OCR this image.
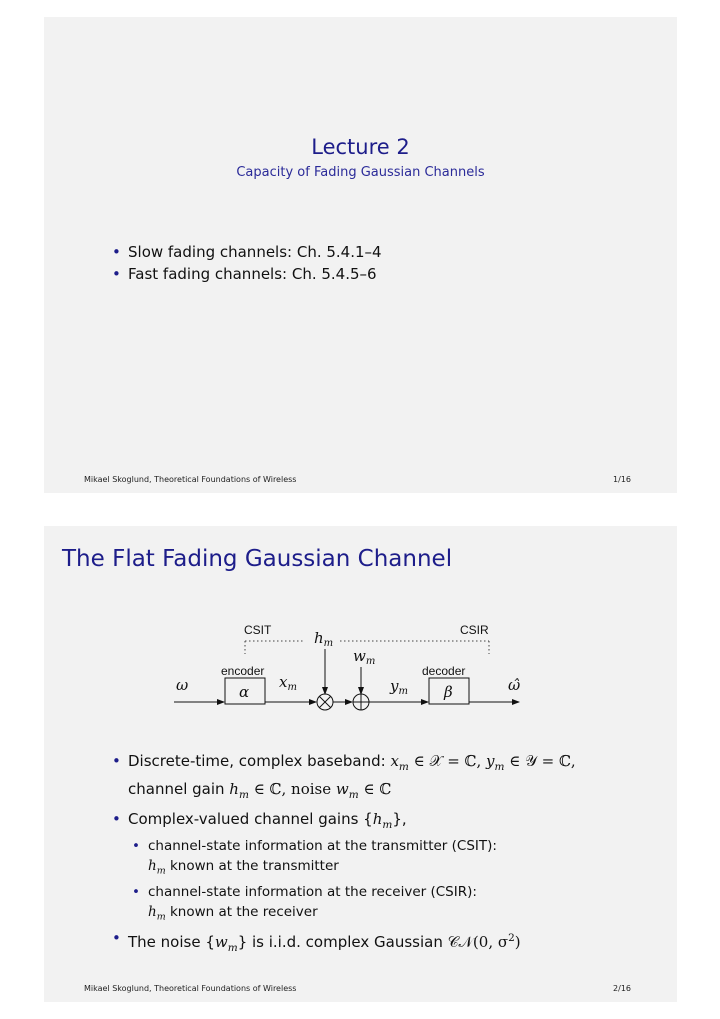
Lecture 2
Capacity of Fading Gaussian Channels
• Slow fading channels: Ch. 5.4.1–4
• Fast fading channels: Ch. 5.4.5–6
Mikael Skoglund, Theoretical Foundations of Wireless	1/16
The Flat Fading Gaussian Channel
CSIT	CSIR
$h_m$
$w_m$
encoder	decoder
$x_m$	$y_m$
ω	ω̂
α	β
• Discrete-time, complex baseband: $x_m$ ∈ 𝒳 = ℂ, $y_m$ ∈ 𝒴 = ℂ,
channel gain $h_m$ ∈ ℂ, noise $w_m$ ∈ ℂ
• Complex-valued channel gains $\{h_m\}$,
• channel-state information at the transmitter (CSIT):
$h_m$ known at the transmitter
• channel-state information at the receiver (CSIR):
$h_m$ known at the receiver
• The noise $\{w_m\}$ is i.i.d. complex Gaussian 𝒞𝒩(0, $\sigma^2$)
Mikael Skoglund, Theoretical Foundations of Wireless	2/16
